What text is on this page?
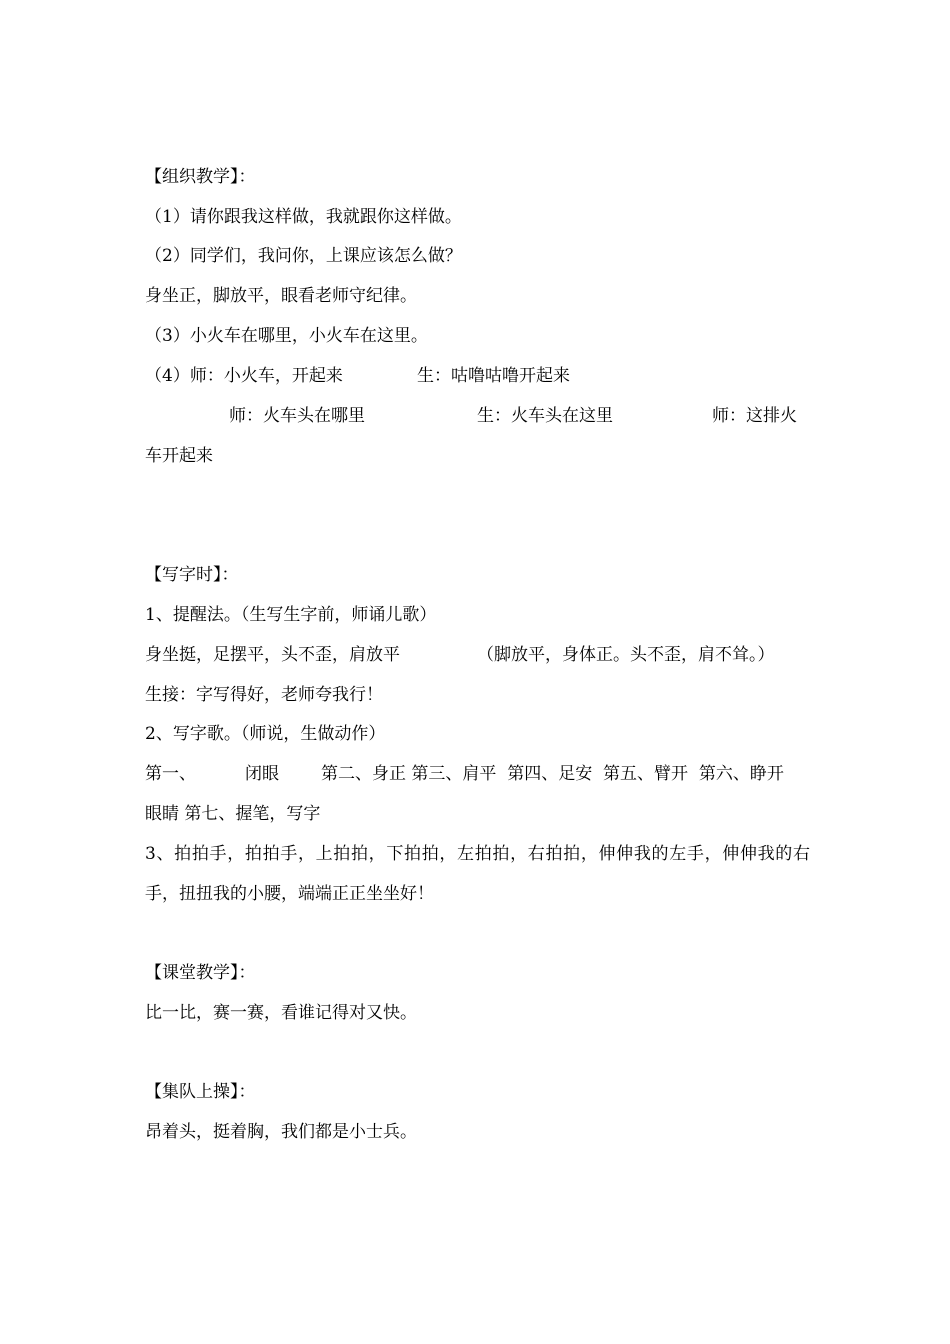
【组织教学】：
（1）请你跟我这样做，我就跟你这样做。
（2）同学们，我问你，上课应该怎么做？
身坐正，脚放平，眼看老师守纪律。
（3）小火车在哪里，小火车在这里。

（4）师：小火车，开起来

	生：咕噜咕噜开起来

师：火车头在哪里

	生：火车头在这里

	师：这排火

车开起来
【写字时】：
1、提醒法。（生写生字前，师诵儿歌）

身坐挺，足摆平，头不歪，肩放平

	（脚放平，身体正。头不歪，肩不耸。）

生接：字写得好，老师夸我行！
2、写字歌。（师说，生做动作）

第一、

	闭眼

第二、身正 第三、肩平  第四、足安  第五、臂开  第六、睁开

眼睛 第七、握笔，写字
3、拍拍手，拍拍手，上拍拍，下拍拍，左拍拍，右拍拍，伸伸我的左手，伸伸我的右
手，扭扭我的小腰，端端正正坐坐好！
【课堂教学】：
比一比，赛一赛，看谁记得对又快。
【集队上操】：
昂着头，挺着胸，我们都是小士兵。
